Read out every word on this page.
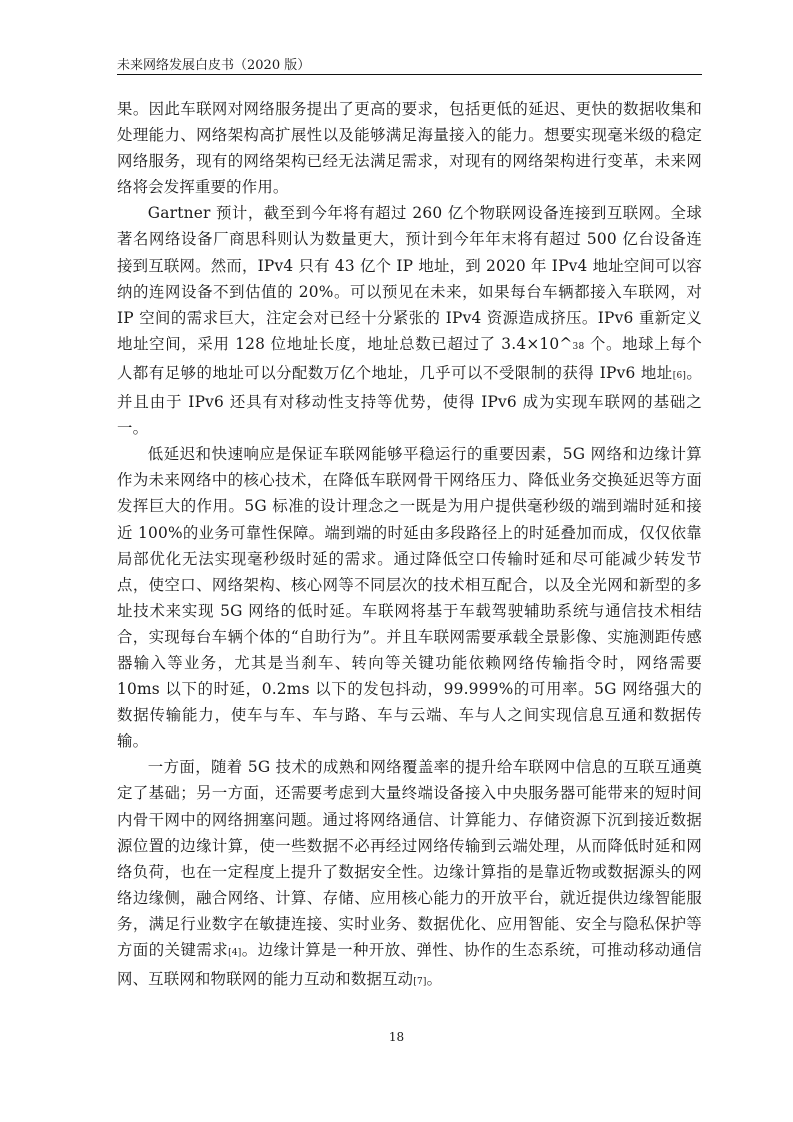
未来网络发展白皮书（2020 版）

果。因此车联网对网络服务提出了更高的要求，包括更低的延迟、更快的数据收集和处理能力、网络架构高扩展性以及能够满足海量接入的能力。想要实现毫米级的稳定网络服务，现有的网络架构已经无法满足需求，对现有的网络架构进行变革，未来网络将会发挥重要的作用。

Gartner 预计，截至到今年将有超过 260 亿个物联网设备连接到互联网。全球著名网络设备厂商思科则认为数量更大，预计到今年年末将有超过 500 亿台设备连接到互联网。然而，IPv4 只有 43 亿个 IP 地址，到 2020 年 IPv4 地址空间可以容纳的连网设备不到估值的 20%。可以预见在未来，如果每台车辆都接入车联网，对 IP 空间的需求巨大，注定会对已经十分紧张的 IPv4 资源造成挤压。IPv6 重新定义地址空间，采用 128 位地址长度，地址总数已超过了 3.4×10^38 个。地球上每个人都有足够的地址可以分配数万亿个地址，几乎可以不受限制的获得 IPv6 地址[6]。并且由于 IPv6 还具有对移动性支持等优势，使得 IPv6 成为实现车联网的基础之一。

低延迟和快速响应是保证车联网能够平稳运行的重要因素，5G 网络和边缘计算作为未来网络中的核心技术，在降低车联网骨干网络压力、降低业务交换延迟等方面发挥巨大的作用。5G 标准的设计理念之一既是为用户提供毫秒级的端到端时延和接近 100%的业务可靠性保障。端到端的时延由多段路径上的时延叠加而成，仅仅依靠局部优化无法实现毫秒级时延的需求。通过降低空口传输时延和尽可能减少转发节点，使空口、网络架构、核心网等不同层次的技术相互配合，以及全光网和新型的多址技术来实现 5G 网络的低时延。车联网将基于车载驾驶辅助系统与通信技术相结合，实现每台车辆个体的“自助行为”。并且车联网需要承载全景影像、实施测距传感器输入等业务，尤其是当刹车、转向等关键功能依赖网络传输指令时，网络需要 10ms 以下的时延，0.2ms 以下的发包抖动，99.999%的可用率。5G 网络强大的数据传输能力，使车与车、车与路、车与云端、车与人之间实现信息互通和数据传输。

一方面，随着 5G 技术的成熟和网络覆盖率的提升给车联网中信息的互联互通奠定了基础；另一方面，还需要考虑到大量终端设备接入中央服务器可能带来的短时间内骨干网中的网络拥塞问题。通过将网络通信、计算能力、存储资源下沉到接近数据源位置的边缘计算，使一些数据不必再经过网络传输到云端处理，从而降低时延和网络负荷，也在一定程度上提升了数据安全性。边缘计算指的是靠近物或数据源头的网络边缘侧，融合网络、计算、存储、应用核心能力的开放平台，就近提供边缘智能服务，满足行业数字在敏捷连接、实时业务、数据优化、应用智能、安全与隐私保护等方面的关键需求[4]。边缘计算是一种开放、弹性、协作的生态系统，可推动移动通信网、互联网和物联网的能力互动和数据互动[7]。

18
